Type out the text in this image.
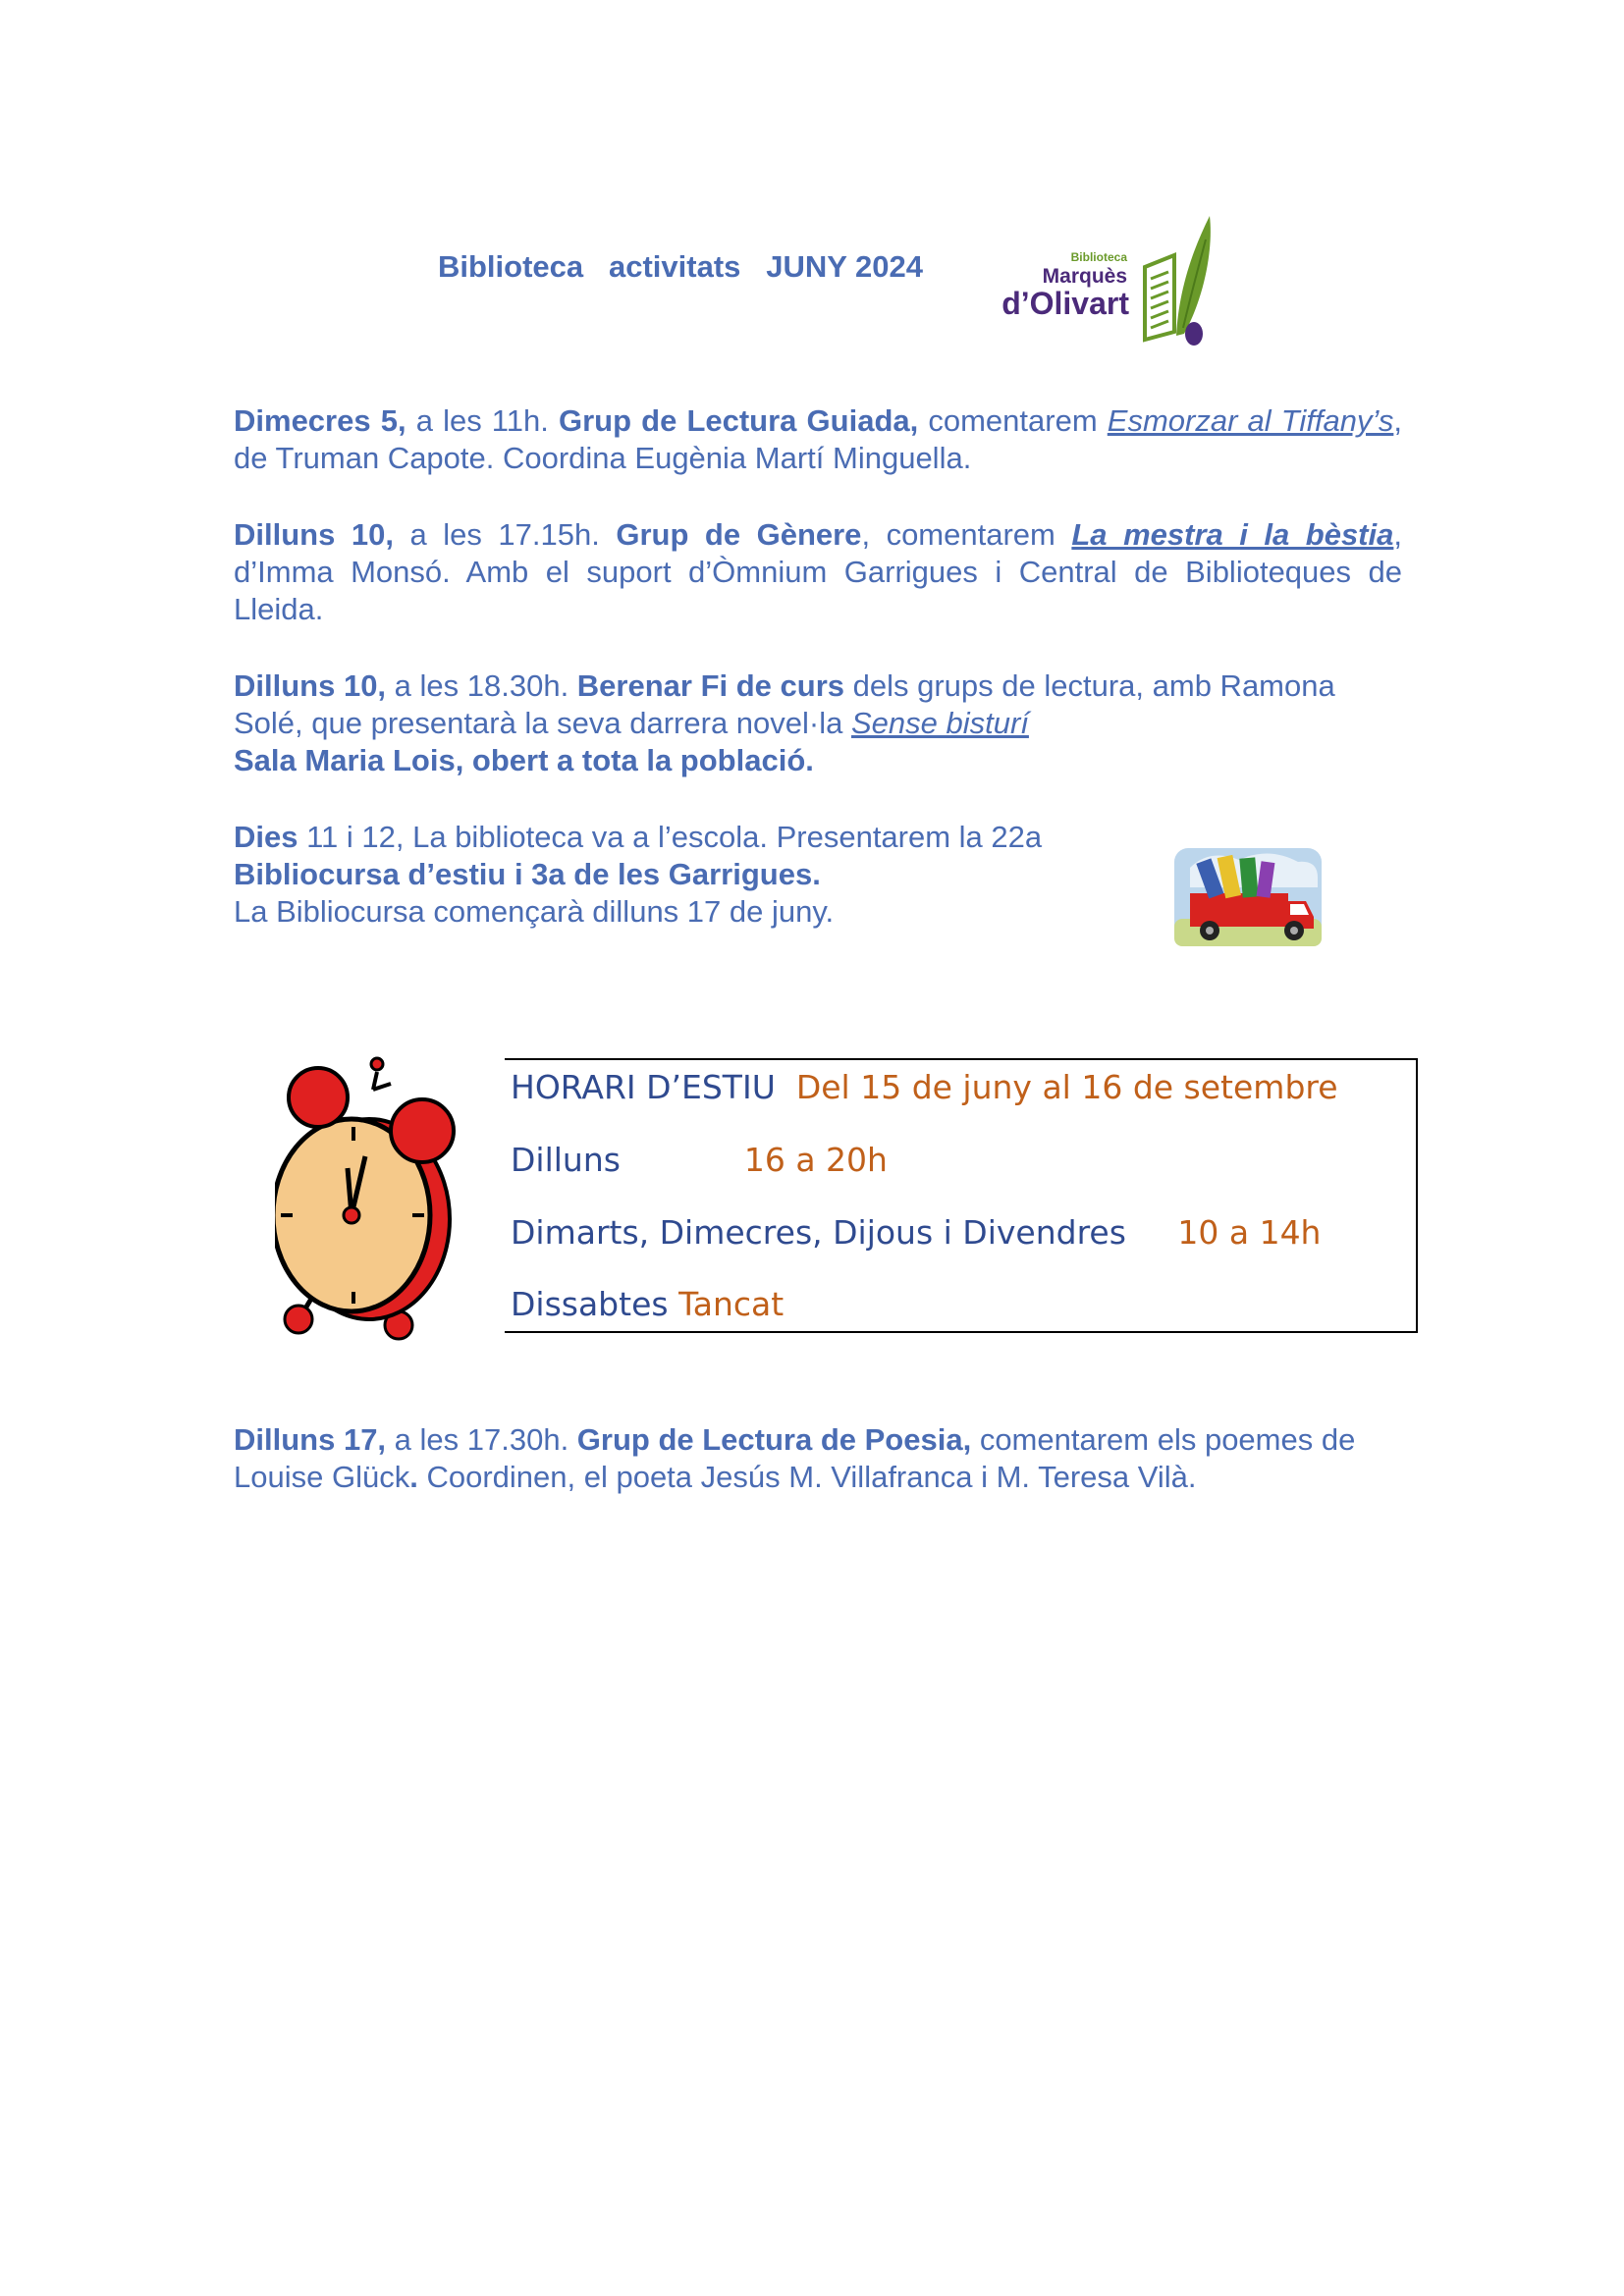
Biblioteca activitats JUNY 2024	Biblioteca
Marquès
d’Olivart
Dimecres 5, a les 11h. Grup de Lectura Guiada, comentarem Esmorzar al Tiffany’s, de Truman Capote. Coordina Eugènia Martí Minguella.
Dilluns 10, a les 17.15h. Grup de Gènere, comentarem La mestra i la bèstia, d’Imma Monsó. Amb el suport d’Òmnium Garrigues i Central de Biblioteques de Lleida.
Dilluns 10, a les 18.30h. Berenar Fi de curs dels grups de lectura, amb Ramona Solé, que presentarà la seva darrera novel·la Sense bisturí
Sala Maria Lois, obert a tota la població.
Dies 11 i 12, La biblioteca va a l’escola. Presentarem la 22a Bibliocursa d’estiu i 3a de les Garrigues.
La Bibliocursa començarà dilluns 17 de juny.
HORARI D’ESTIU Del 15 de juny al 16 de setembre
Dilluns	16 a 20h
Dimarts, Dimecres, Dijous i Divendres 10 a 14h
Dissabtes Tancat
Dilluns 17, a les 17.30h. Grup de Lectura de Poesia, comentarem els poemes de Louise Glück. Coordinen, el poeta Jesús M. Villafranca i M. Teresa Vilà.
